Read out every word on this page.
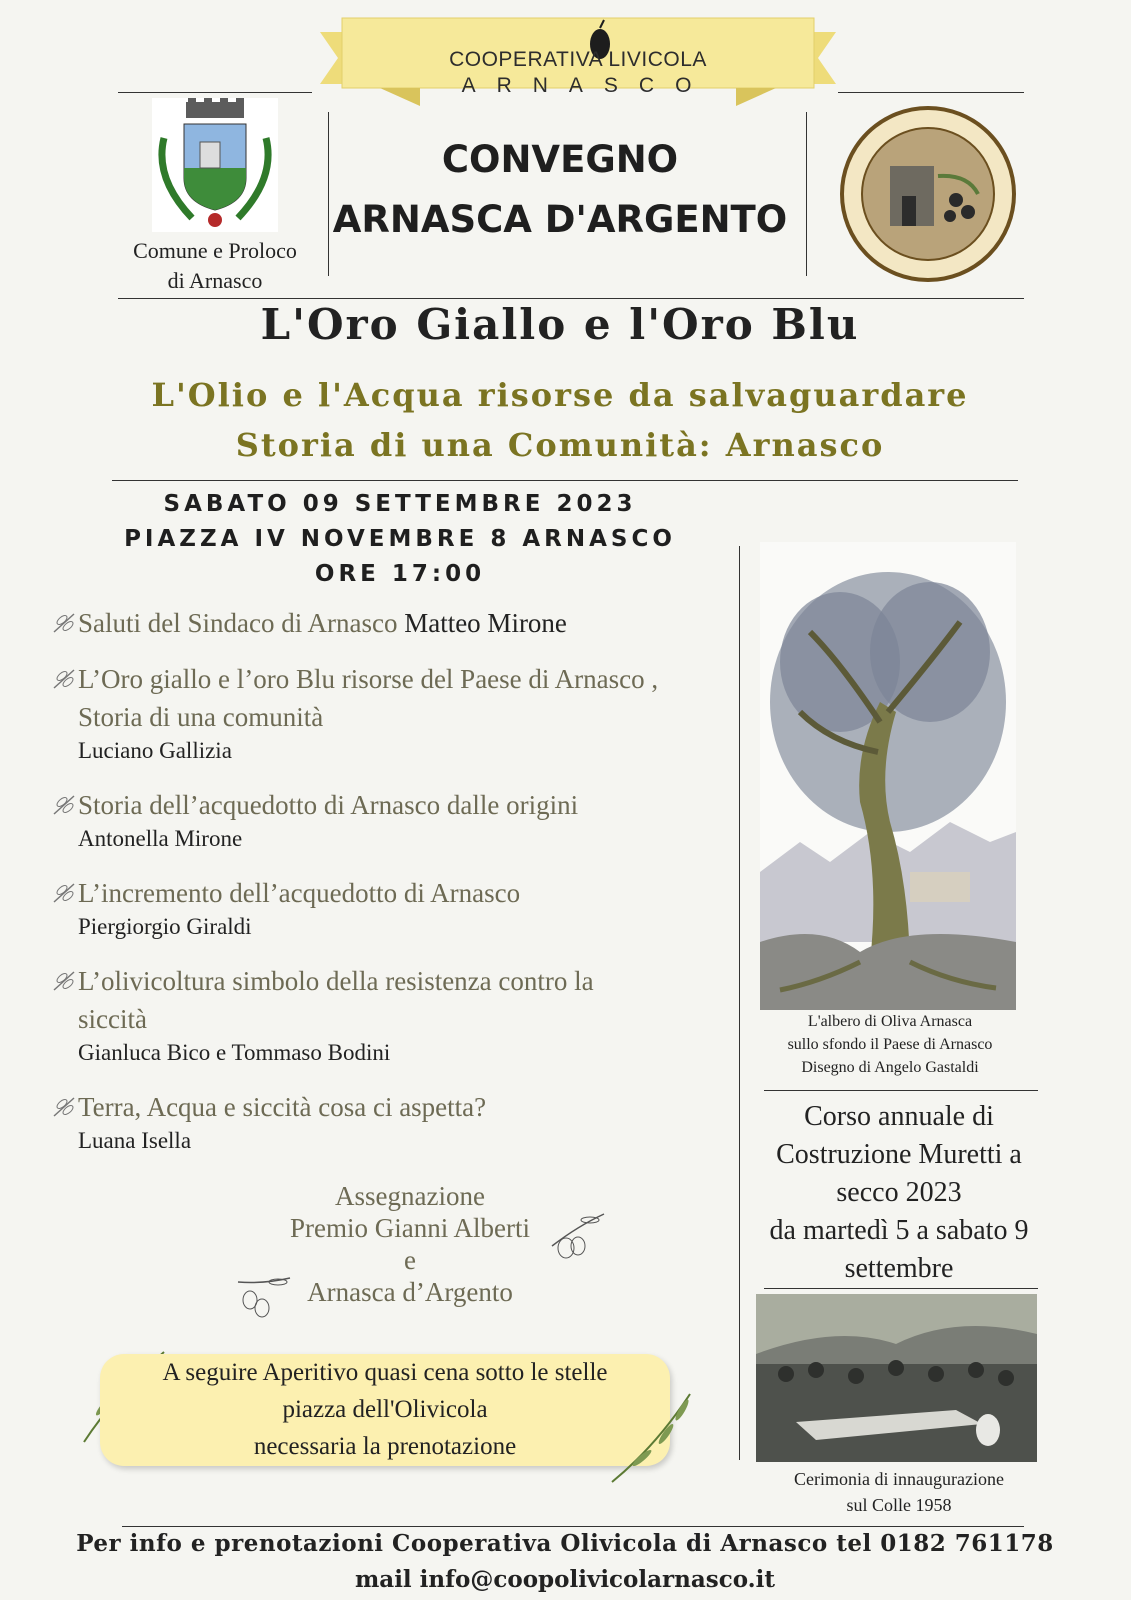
COOPERATIVA LIVICOLA
ARNASCO
Comune e Proloco
di Arnasco
CONVEGNO
ARNASCA D'ARGENTO
L'Oro Giallo e l'Oro Blu
L'Olio e l'Acqua risorse da salvaguardare
Storia di una Comunità: Arnasco
SABATO 09 SETTEMBRE 2023
PIAZZA IV NOVEMBRE 8 ARNASCO
ORE 17:00
Saluti del Sindaco di Arnasco Matteo Mirone
L’Oro giallo e l’oro Blu risorse del Paese di Arnasco ,
Storia di una comunità
Luciano Gallizia
Storia dell’acquedotto di Arnasco dalle origini
Antonella Mirone
L’incremento dell’acquedotto di Arnasco
Piergiorgio Giraldi
L’olivicoltura simbolo della resistenza contro la
siccità
Gianluca Bico e Tommaso Bodini
Terra, Acqua e siccità cosa ci aspetta?
Luana Isella
Assegnazione
Premio Gianni Alberti
e
Arnasca d’Argento
A seguire Aperitivo quasi cena sotto le stelle
piazza dell'Olivicola
necessaria la prenotazione
L'albero di Oliva Arnasca
sullo sfondo il Paese di Arnasco
Disegno di Angelo Gastaldi
Corso annuale di
Costruzione Muretti a
secco 2023
da martedì 5 a sabato 9
settembre
Cerimonia di innaugurazione
sul Colle 1958
Per info e prenotazioni Cooperativa Olivicola di Arnasco tel 0182 761178
mail info@coopolivicolarnasco.it
